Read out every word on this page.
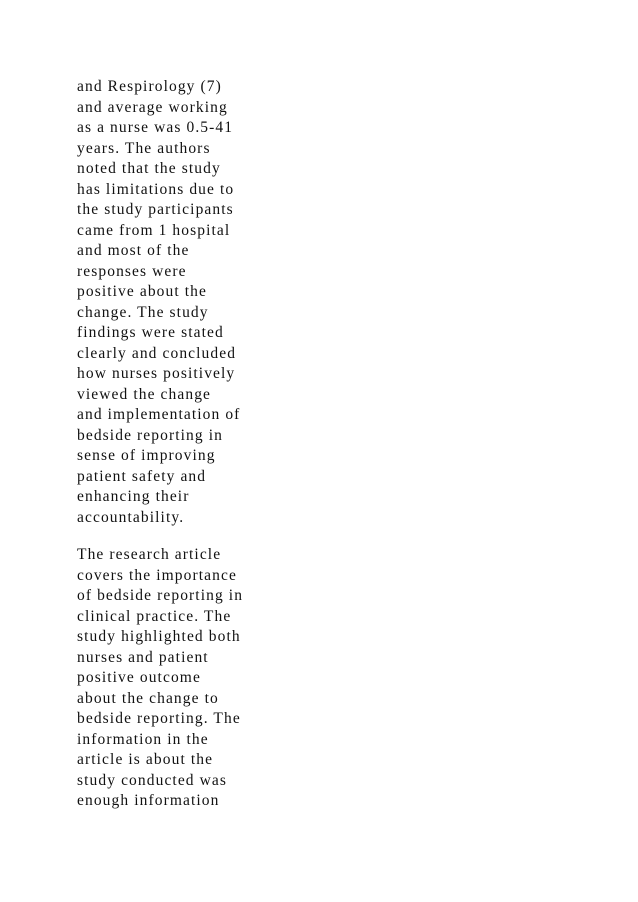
and Respirology (7)
and average working
as a nurse was 0.5-41
years. The authors
noted that the study
has limitations due to
the study participants
came from 1 hospital
and most of the
responses were
positive about the
change. The study
findings were stated
clearly and concluded
how nurses positively
viewed the change
and implementation of
bedside reporting in
sense of improving
patient safety and
enhancing their
accountability.
The research article
covers the importance
of bedside reporting in
clinical practice. The
study highlighted both
nurses and patient
positive outcome
about the change to
bedside reporting. The
information in the
article is about the
study conducted was
enough information
